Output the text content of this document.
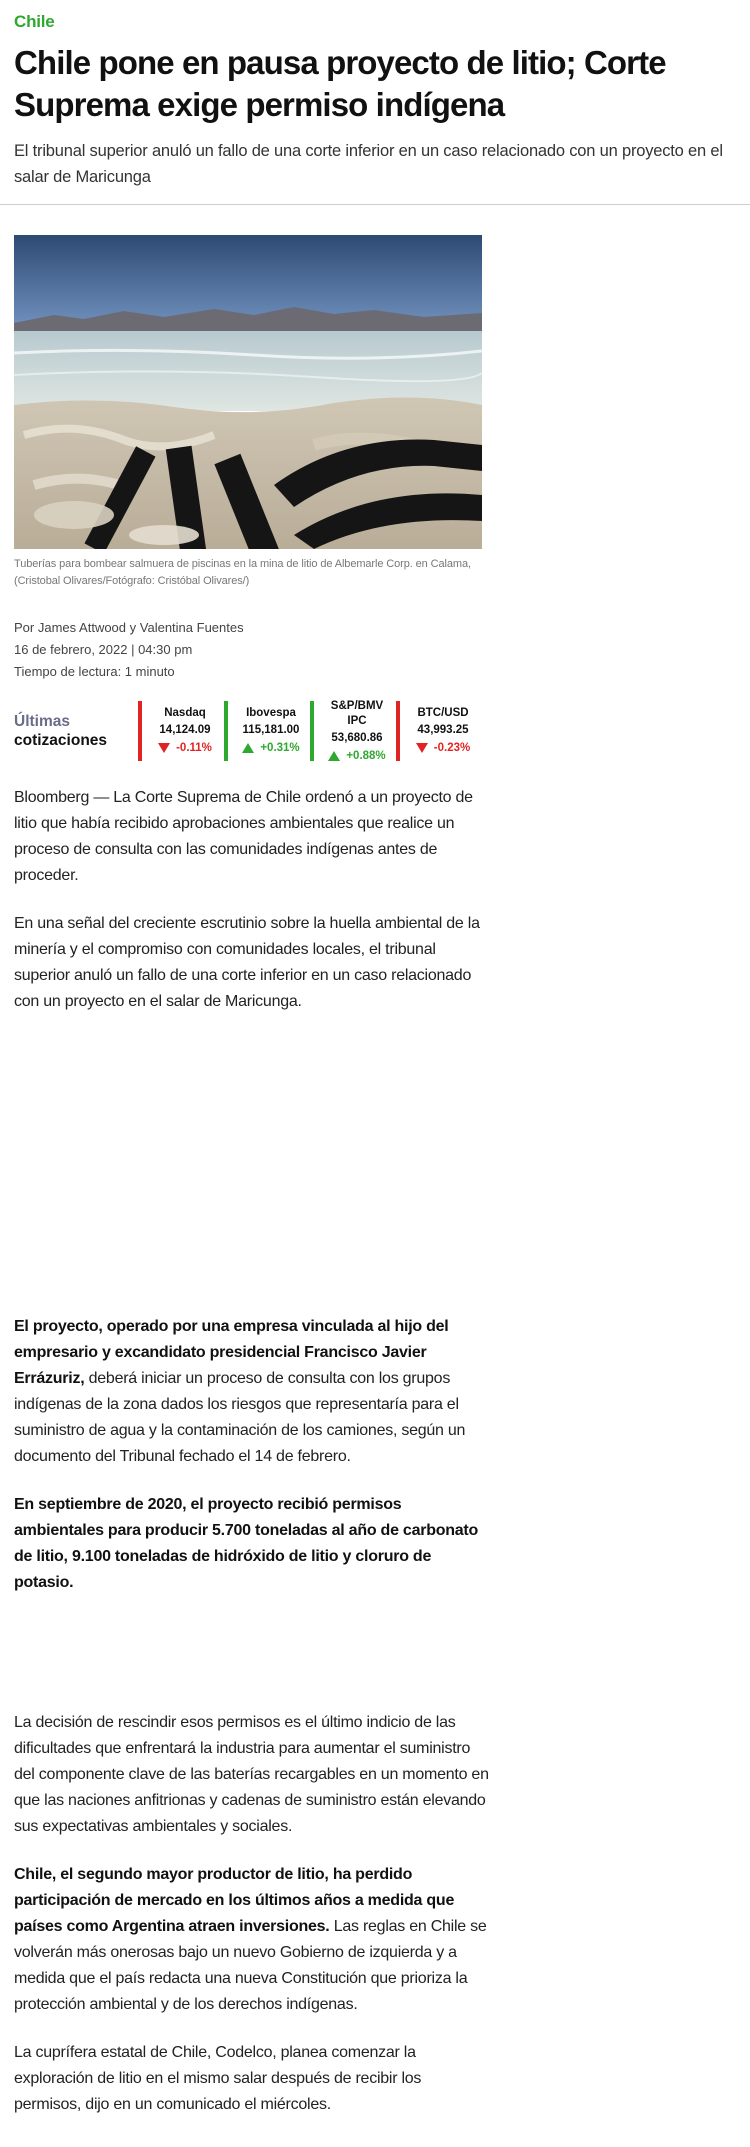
Chile
Chile pone en pausa proyecto de litio; Corte Suprema exige permiso indígena

El tribunal superior anuló un fallo de una corte inferior en un caso relacionado con un proyecto en el salar de Maricunga

Tuberías para bombear salmuera de piscinas en la mina de litio de Albemarle Corp. en Calama, (Cristobal Olivares/Fotógrafo: Cristóbal Olivares/)
Por James Attwood y Valentina Fuentes
16 de febrero, 2022 | 04:30 pm
Tiempo de lectura: 1 minuto
Últimas
cotizaciones
Nasdaq
14,124.09
-0.11%
Ibovespa
115,181.00
+0.31%
S&P/BMV IPC
53,680.86
+0.88%
BTC/USD
43,993.25
-0.23%

Bloomberg — La Corte Suprema de Chile ordenó a un proyecto de litio que había recibido aprobaciones ambientales que realice un proceso de consulta con las comunidades indígenas antes de proceder.

En una señal del creciente escrutinio sobre la huella ambiental de la minería y el compromiso con comunidades locales, el tribunal superior anuló un fallo de una corte inferior en un caso relacionado con un proyecto en el salar de Maricunga.

El proyecto, operado por una empresa vinculada al hijo del empresario y excandidato presidencial Francisco Javier Errázuriz, deberá iniciar un proceso de consulta con los grupos indígenas de la zona dados los riesgos que representaría para el suministro de agua y la contaminación de los camiones, según un documento del Tribunal fechado el 14 de febrero.

En septiembre de 2020, el proyecto recibió permisos ambientales para producir 5.700 toneladas al año de carbonato de litio, 9.100 toneladas de hidróxido de litio y cloruro de potasio.

La decisión de rescindir esos permisos es el último indicio de las dificultades que enfrentará la industria para aumentar el suministro del componente clave de las baterías recargables en un momento en que las naciones anfitrionas y cadenas de suministro están elevando sus expectativas ambientales y sociales.

Chile, el segundo mayor productor de litio, ha perdido participación de mercado en los últimos años a medida que países como Argentina atraen inversiones. Las reglas en Chile se volverán más onerosas bajo un nuevo Gobierno de izquierda y a medida que el país redacta una nueva Constitución que prioriza la protección ambiental y de los derechos indígenas.

La cuprífera estatal de Chile, Codelco, planea comenzar la exploración de litio en el mismo salar después de recibir los permisos, dijo en un comunicado el miércoles.
